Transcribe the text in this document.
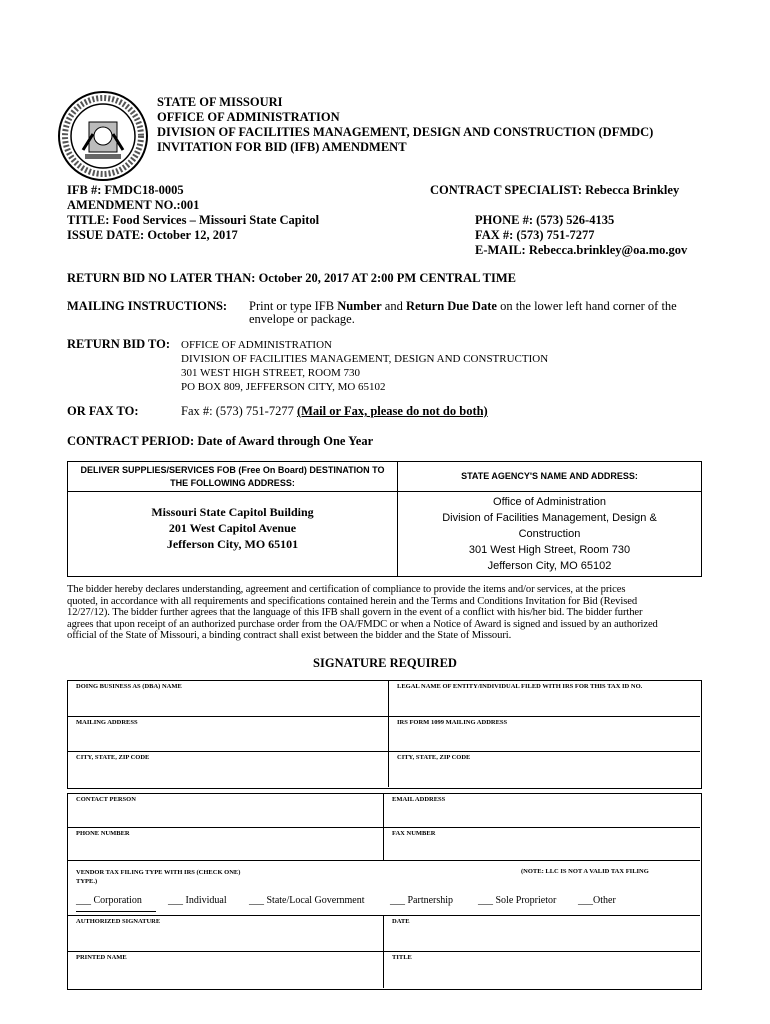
STATE OF MISSOURI
OFFICE OF ADMINISTRATION
DIVISION OF FACILITIES MANAGEMENT, DESIGN AND CONSTRUCTION (DFMDC)
INVITATION FOR BID (IFB) AMENDMENT
IFB #: FMDC18-0005
AMENDMENT NO.:001
TITLE: Food Services – Missouri State Capitol
ISSUE DATE: October 12, 2017
CONTRACT SPECIALIST: Rebecca Brinkley
PHONE #: (573) 526-4135
FAX #: (573) 751-7277
E-MAIL: Rebecca.brinkley@oa.mo.gov
RETURN BID NO LATER THAN: October 20, 2017 AT 2:00 PM CENTRAL TIME
MAILING INSTRUCTIONS: Print or type IFB Number and Return Due Date on the lower left hand corner of the
envelope or package.
RETURN BID TO: OFFICE OF ADMINISTRATION
DIVISION OF FACILITIES MANAGEMENT, DESIGN AND CONSTRUCTION
301 WEST HIGH STREET, ROOM 730
PO BOX 809, JEFFERSON CITY, MO 65102
OR FAX TO:	Fax #: (573) 751-7277 (Mail or Fax, please do not do both)
CONTRACT PERIOD: Date of Award through One Year
DELIVER SUPPLIES/SERVICES FOB (Free On Board) DESTINATION TO
THE FOLLOWING ADDRESS:
STATE AGENCY'S NAME AND ADDRESS:
Missouri State Capitol Building
201 West Capitol Avenue
Jefferson City, MO 65101
Office of Administration
Division of Facilities Management, Design &
Construction
301 West High Street, Room 730
Jefferson City, MO 65102
The bidder hereby declares understanding, agreement and certification of compliance to provide the items and/or services, at the prices
quoted, in accordance with all requirements and specifications contained herein and the Terms and Conditions Invitation for Bid (Revised
12/27/12). The bidder further agrees that the language of this IFB shall govern in the event of a conflict with his/her bid. The bidder further
agrees that upon receipt of an authorized purchase order from the OA/FMDC or when a Notice of Award is signed and issued by an authorized
official of the State of Missouri, a binding contract shall exist between the bidder and the State of Missouri.
SIGNATURE REQUIRED
DOING BUSINESS AS (DBA) NAME	LEGAL NAME OF ENTITY/INDIVIDUAL FILED WITH IRS FOR THIS TAX ID NO.
MAILING ADDRESS	IRS FORM 1099 MAILING ADDRESS
CITY, STATE, ZIP CODE	CITY, STATE, ZIP CODE
CONTACT PERSON	EMAIL ADDRESS
PHONE NUMBER	FAX NUMBER
VENDOR TAX FILING TYPE WITH IRS (CHECK ONE)
TYPE.)
(NOTE: LLC IS NOT A VALID TAX FILING
___ Corporation	___ Individual ___ State/Local Government	___ Partnership ___ Sole Proprietor ___Other
AUTHORIZED SIGNATURE	DATE
PRINTED NAME	TITLE
